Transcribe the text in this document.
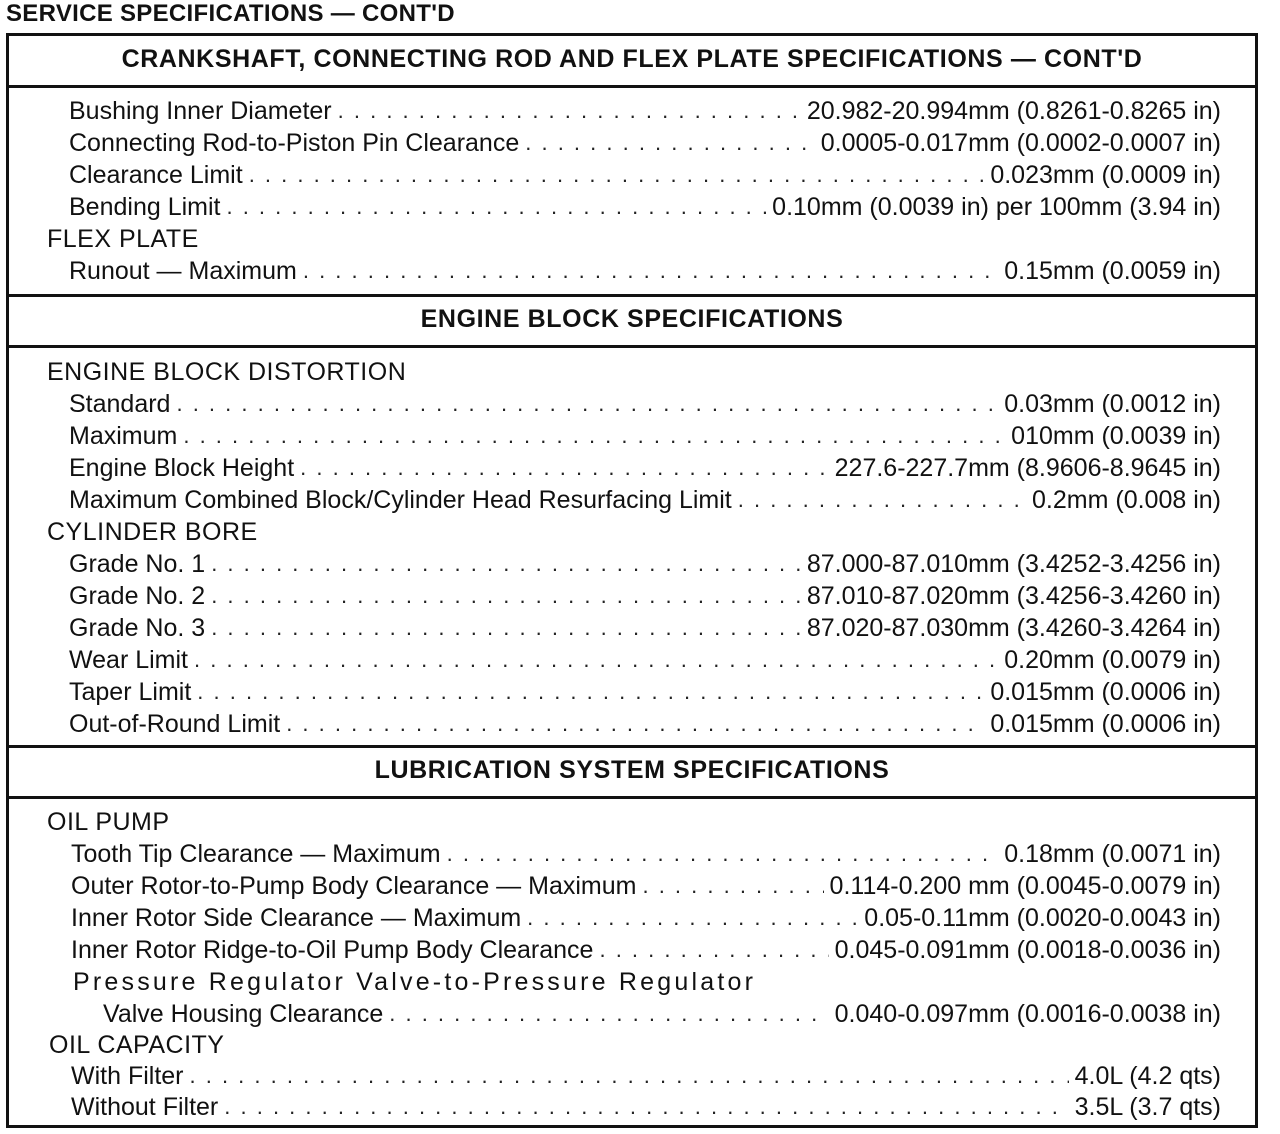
SERVICE SPECIFICATIONS — CONT'D
CRANKSHAFT, CONNECTING ROD AND FLEX PLATE SPECIFICATIONS — CONT'D
Bushing Inner Diameter . . .	20.982-20.994mm (0.8261-0.8265 in)
Connecting Rod-to-Piston Pin Clearance . . .	0.0005-0.017mm (0.0002-0.0007 in)
Clearance Limit . . .	0.023mm (0.0009 in)
Bending Limit . . .	0.10mm (0.0039 in) per 100mm (3.94 in)
FLEX PLATE
Runout — Maximum . . .	0.15mm (0.0059 in)
ENGINE BLOCK SPECIFICATIONS
ENGINE BLOCK DISTORTION
Standard . . .	0.03mm (0.0012 in)
Maximum . . .	010mm (0.0039 in)
Engine Block Height . . .	227.6-227.7mm (8.9606-8.9645 in)
Maximum Combined Block/Cylinder Head Resurfacing Limit . . .	0.2mm (0.008 in)
CYLINDER BORE
Grade No. 1 . . .	87.000-87.010mm (3.4252-3.4256 in)
Grade No. 2 . . .	87.010-87.020mm (3.4256-3.4260 in)
Grade No. 3 . . .	87.020-87.030mm (3.4260-3.4264 in)
Wear Limit . . .	0.20mm (0.0079 in)
Taper Limit . . .	0.015mm (0.0006 in)
Out-of-Round Limit . . .	0.015mm (0.0006 in)
LUBRICATION SYSTEM SPECIFICATIONS
OIL PUMP
Tooth Tip Clearance — Maximum . . .	0.18mm (0.0071 in)
Outer Rotor-to-Pump Body Clearance — Maximum . . .	0.114-0.200 mm (0.0045-0.0079 in)
Inner Rotor Side Clearance — Maximum . . .	0.05-0.11mm (0.0020-0.0043 in)
Inner Rotor Ridge-to-Oil Pump Body Clearance . . .	0.045-0.091mm (0.0018-0.0036 in)
Pressure Regulator Valve-to-Pressure Regulator
Valve Housing Clearance . . .	0.040-0.097mm (0.0016-0.0038 in)
OIL CAPACITY
With Filter . . .	4.0L (4.2 qts)
Without Filter . . .	3.5L (3.7 qts)
